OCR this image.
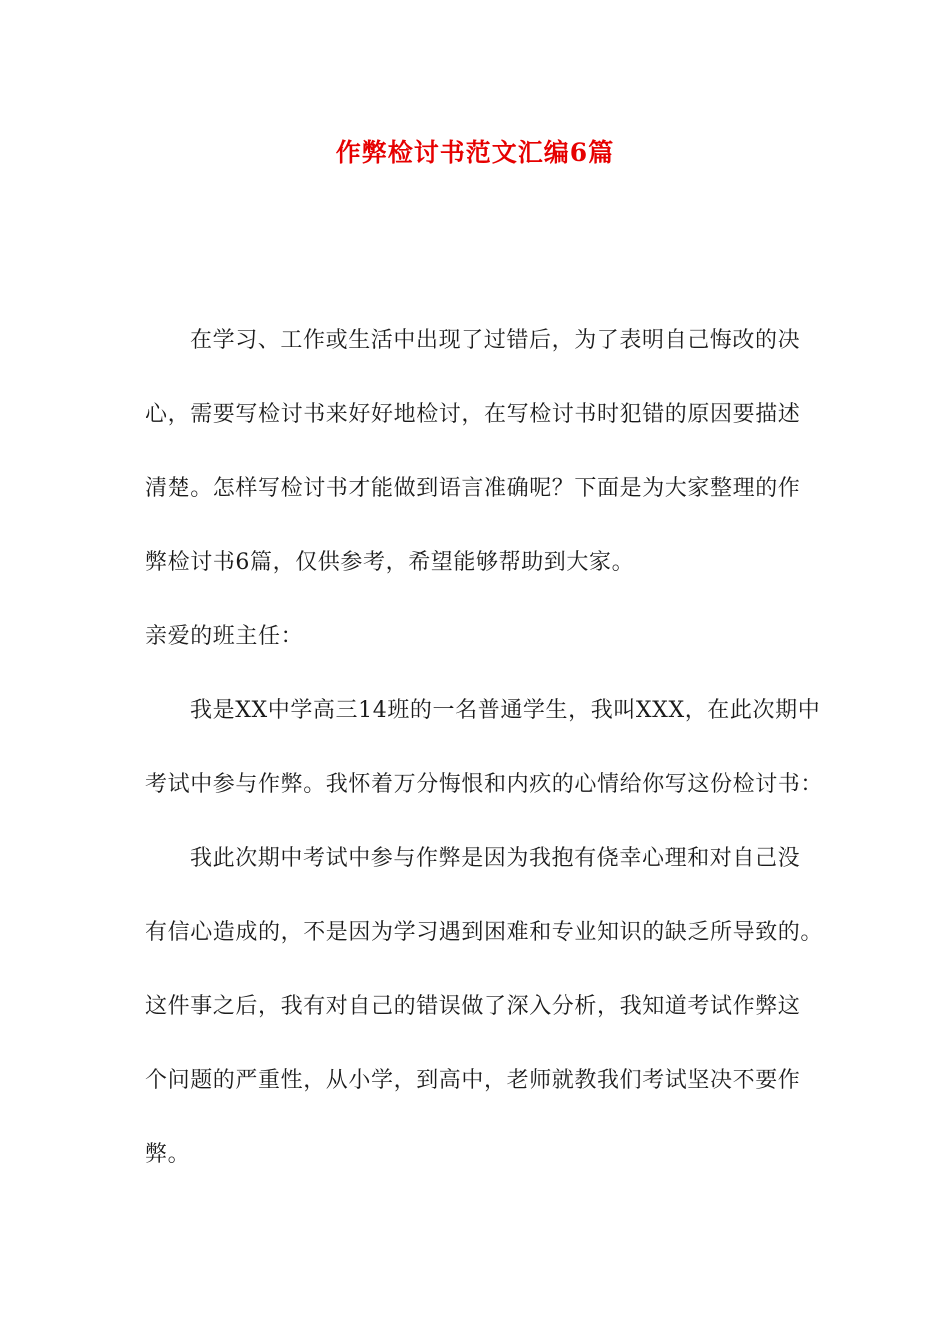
作弊检讨书范文汇编6篇
在学习、工作或生活中出现了过错后，为了表明自己悔改的决
心，需要写检讨书来好好地检讨，在写检讨书时犯错的原因要描述
清楚。怎样写检讨书才能做到语言准确呢？下面是为大家整理的作
弊检讨书6篇，仅供参考，希望能够帮助到大家。
亲爱的班主任：
我是XX中学高三14班的一名普通学生，我叫XXX，在此次期中
考试中参与作弊。我怀着万分悔恨和内疚的心情给你写这份检讨书：
我此次期中考试中参与作弊是因为我抱有侥幸心理和对自己没
有信心造成的，不是因为学习遇到困难和专业知识的缺乏所导致的。
这件事之后，我有对自己的错误做了深入分析，我知道考试作弊这
个问题的严重性，从小学，到高中，老师就教我们考试坚决不要作
弊。
